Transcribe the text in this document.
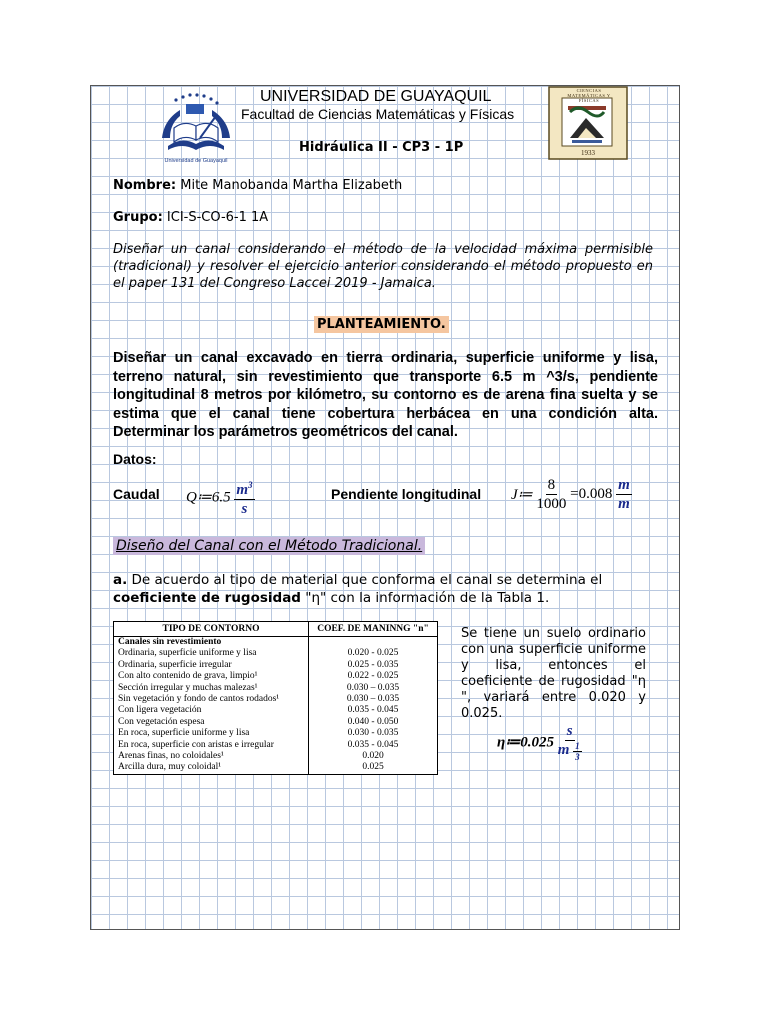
Universidad de Guayaquil
CIENCIAS MATEMÁTICAS Y FÍSICAS
1933
UNIVERSIDAD DE GUAYAQUIL
Facultad de Ciencias Matemáticas y Físicas
Hidráulica II - CP3 - 1P
Nombre: Mite Manobanda Martha Elizabeth
Grupo: ICI-S-CO-6-1 1A
Diseñar un canal considerando el método de la velocidad máxima permisible (tradicional) y resolver el ejercicio anterior considerando el método propuesto en el paper 131 del Congreso Laccei 2019 - Jamaica.
PLANTEAMIENTO.
Diseñar un canal excavado en tierra ordinaria, superficie uniforme y lisa, terreno natural, sin revestimiento que transporte 6.5 m ^3/s, pendiente longitudinal 8 metros por kilómetro, su contorno es de arena fina suelta y se estima que el canal tiene cobertura herbácea en una condición alta. Determinar los parámetros geométricos del canal.
Datos:
Caudal Q≔6.5 $\frac{m^3}{s}$	Pendiente longitudinal J≔ $\frac{8}{1000} =0.008 \frac{m}{m}$
Diseño del Canal con el Método Tradicional.
a. De acuerdo al tipo de material que conforma el canal se determina el coeficiente de rugosidad "η" con la información de la Tabla 1.
TIPO DE CONTORNO	COEF. DE MANINNG "n"
Canales sin revestimiento	
Ordinaria, superficie uniforme y lisa	0.020 - 0.025
Ordinaria, superficie irregular	0.025 - 0.035
Con alto contenido de grava, limpio¹	0.022 - 0.025
Sección irregular y muchas malezas¹	0.030 – 0.035
Sin vegetación y fondo de cantos rodados¹	0.030 – 0.035
Con ligera vegetación	0.035 - 0.045
Con vegetación espesa	0.040 - 0.050
En roca, superficie uniforme y lisa	0.030 - 0.035
En roca, superficie con aristas e irregular	0.035 - 0.045
Arenas finas, no coloidales¹	0.020
Arcilla dura, muy coloidal¹	0.025
Se tiene un suelo ordinario con una superficie uniforme y lisa, entonces el coeficiente de rugosidad "η ", variará entre 0.020 y 0.025.
η≔0.025 $\frac{s}{m \frac{1}{3}}$
